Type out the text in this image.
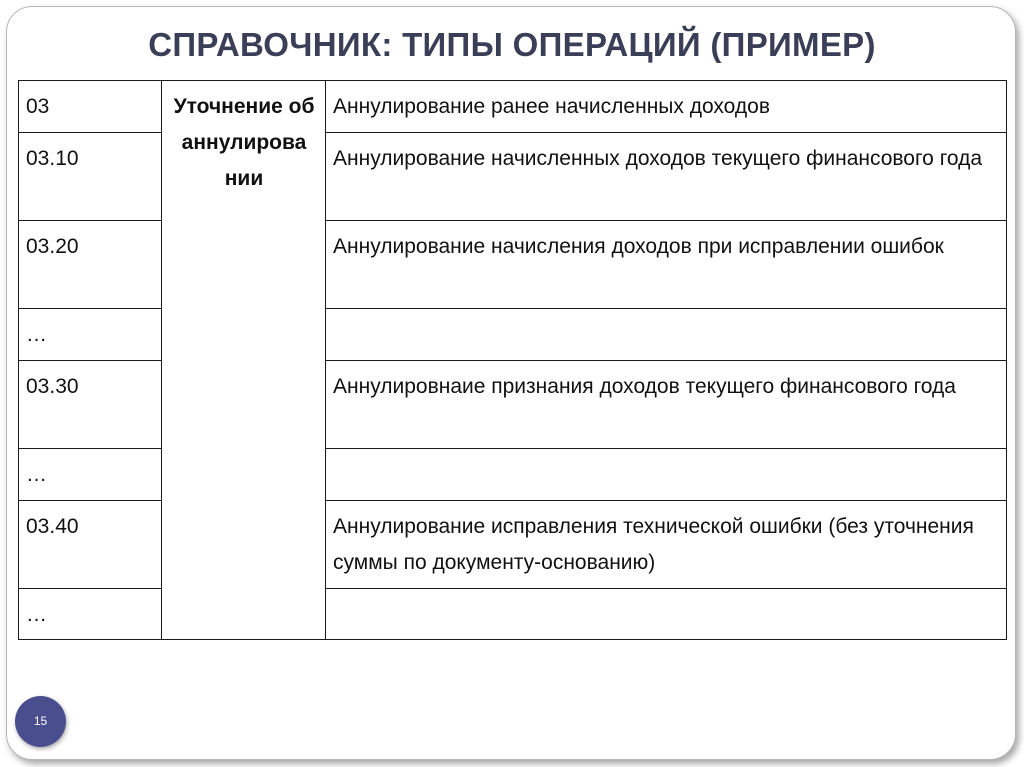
СПРАВОЧНИК: ТИПЫ ОПЕРАЦИЙ (ПРИМЕР)
03	Уточнение об аннулирова нии	Аннулирование ранее начисленных доходов
03.10		Аннулирование начисленных доходов текущего финансового года
03.20		Аннулирование начисления доходов при исправлении ошибок
…		
03.30		Аннулировнаие признания доходов текущего финансового года
…		
03.40		Аннулирование исправления технической ошибки (без уточнения суммы по документу-основанию)
…		
15
